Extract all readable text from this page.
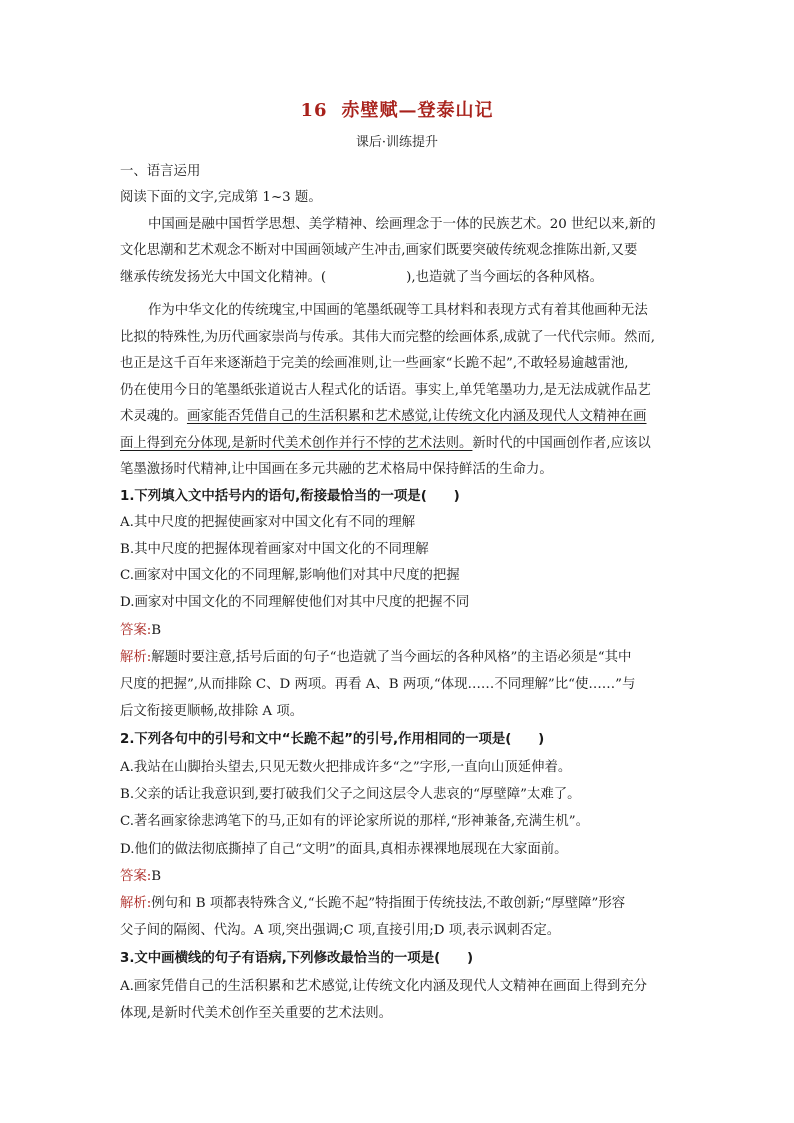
16 赤壁赋—登泰山记
课后·训练提升
一、语言运用
阅读下面的文字,完成第 1~3 题。
中国画是融中国哲学思想、美学精神、绘画理念于一体的民族艺术。20 世纪以来,新的
文化思潮和艺术观念不断对中国画领域产生冲击,画家们既要突破传统观念推陈出新,又要
继承传统发扬光大中国文化精神。(	),也造就了当今画坛的各种风格。
作为中华文化的传统瑰宝,中国画的笔墨纸砚等工具材料和表现方式有着其他画种无法
比拟的特殊性,为历代画家崇尚与传承。其伟大而完整的绘画体系,成就了一代代宗师。然而,
也正是这千百年来逐渐趋于完美的绘画准则,让一些画家“长跪不起”,不敢轻易逾越雷池,
仍在使用今日的笔墨纸张道说古人程式化的话语。事实上,单凭笔墨功力,是无法成就作品艺
术灵魂的。画家能否凭借自己的生活积累和艺术感觉,让传统文化内涵及现代人文精神在画
面上得到充分体现,是新时代美术创作并行不悖的艺术法则。新时代的中国画创作者,应该以
笔墨激扬时代精神,让中国画在多元共融的艺术格局中保持鲜活的生命力。
1.下列填入文中括号内的语句,衔接最恰当的一项是(　　)
A.其中尺度的把握使画家对中国文化有不同的理解
B.其中尺度的把握体现着画家对中国文化的不同理解
C.画家对中国文化的不同理解,影响他们对其中尺度的把握
D.画家对中国文化的不同理解使他们对其中尺度的把握不同
答案:B
解析:解题时要注意,括号后面的句子“也造就了当今画坛的各种风格”的主语必须是“其中
尺度的把握”,从而排除 C、D 两项。再看 A、B 两项,“体现……不同理解”比“使……”与
后文衔接更顺畅,故排除 A 项。
2.下列各句中的引号和文中“长跪不起”的引号,作用相同的一项是(　　)
A.我站在山脚抬头望去,只见无数火把排成许多“之”字形,一直向山顶延伸着。
B.父亲的话让我意识到,要打破我们父子之间这层令人悲哀的“厚壁障”太难了。
C.著名画家徐悲鸿笔下的马,正如有的评论家所说的那样,“形神兼备,充满生机”。
D.他们的做法彻底撕掉了自己“文明”的面具,真相赤裸裸地展现在大家面前。
答案:B
解析:例句和 B 项都表特殊含义,“长跪不起”特指囿于传统技法,不敢创新;“厚壁障”形容
父子间的隔阂、代沟。A 项,突出强调;C 项,直接引用;D 项,表示讽刺否定。
3.文中画横线的句子有语病,下列修改最恰当的一项是(　　)
A.画家凭借自己的生活积累和艺术感觉,让传统文化内涵及现代人文精神在画面上得到充分
体现,是新时代美术创作至关重要的艺术法则。
